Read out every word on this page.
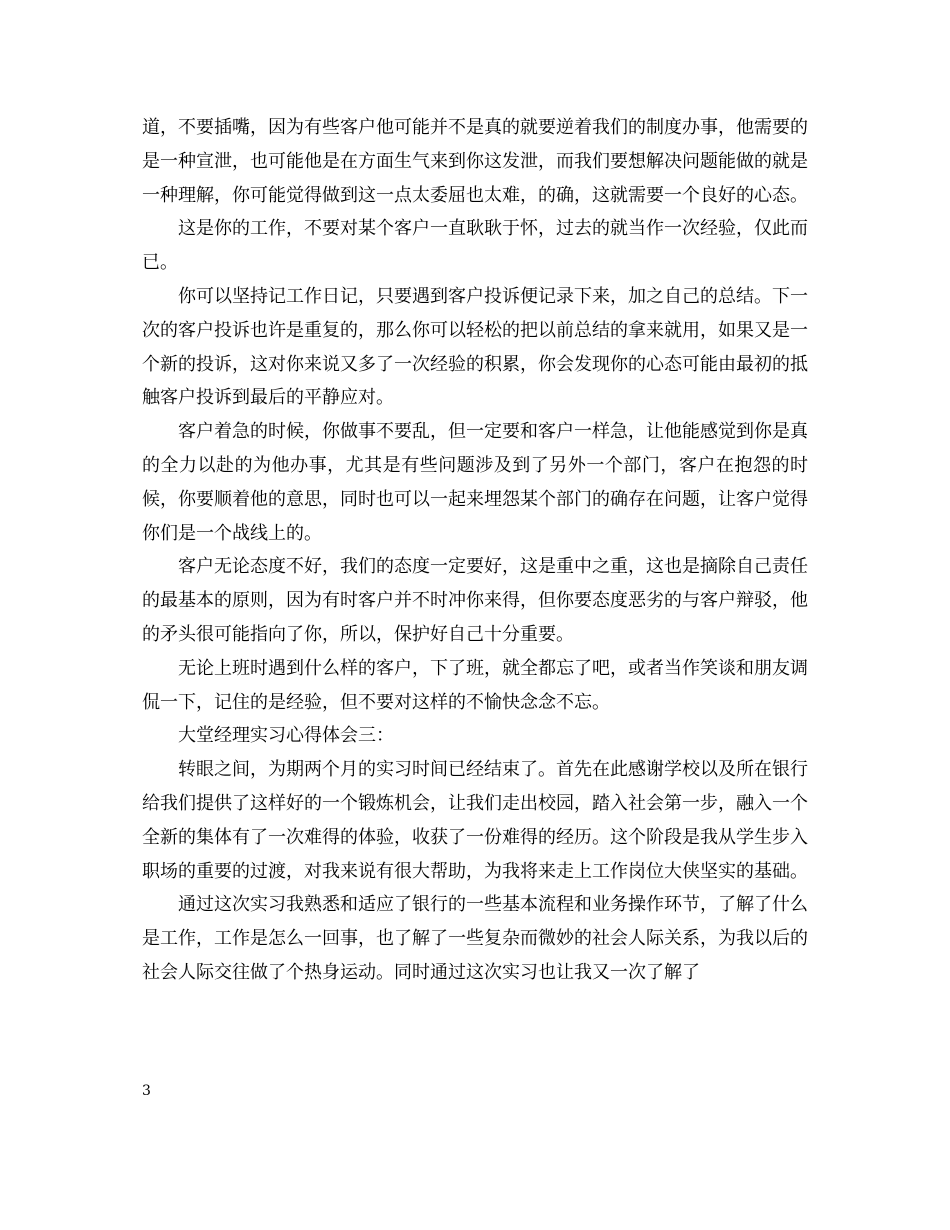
道，不要插嘴，因为有些客户他可能并不是真的就要逆着我们的制度办事，他需要的是一种宣泄，也可能他是在方面生气来到你这发泄，而我们要想解决问题能做的就是一种理解，你可能觉得做到这一点太委屈也太难，的确，这就需要一个良好的心态。

这是你的工作，不要对某个客户一直耿耿于怀，过去的就当作一次经验，仅此而已。

你可以坚持记工作日记，只要遇到客户投诉便记录下来，加之自己的总结。下一次的客户投诉也许是重复的，那么你可以轻松的把以前总结的拿来就用，如果又是一个新的投诉，这对你来说又多了一次经验的积累，你会发现你的心态可能由最初的抵触客户投诉到最后的平静应对。

客户着急的时候，你做事不要乱，但一定要和客户一样急，让他能感觉到你是真的全力以赴的为他办事，尤其是有些问题涉及到了另外一个部门，客户在抱怨的时候，你要顺着他的意思，同时也可以一起来埋怨某个部门的确存在问题，让客户觉得你们是一个战线上的。

客户无论态度不好，我们的态度一定要好，这是重中之重，这也是摘除自己责任的最基本的原则，因为有时客户并不时冲你来得，但你要态度恶劣的与客户辩驳，他的矛头很可能指向了你，所以，保护好自己十分重要。

无论上班时遇到什么样的客户，下了班，就全都忘了吧，或者当作笑谈和朋友调侃一下，记住的是经验，但不要对这样的不愉快念念不忘。

大堂经理实习心得体会三：

转眼之间，为期两个月的实习时间已经结束了。首先在此感谢学校以及所在银行给我们提供了这样好的一个锻炼机会，让我们走出校园，踏入社会第一步，融入一个全新的集体有了一次难得的体验，收获了一份难得的经历。这个阶段是我从学生步入职场的重要的过渡，对我来说有很大帮助，为我将来走上工作岗位大侠坚实的基础。

通过这次实习我熟悉和适应了银行的一些基本流程和业务操作环节，了解了什么是工作，工作是怎么一回事，也了解了一些复杂而微妙的社会人际关系，为我以后的社会人际交往做了个热身运动。同时通过这次实习也让我又一次了解了

3
